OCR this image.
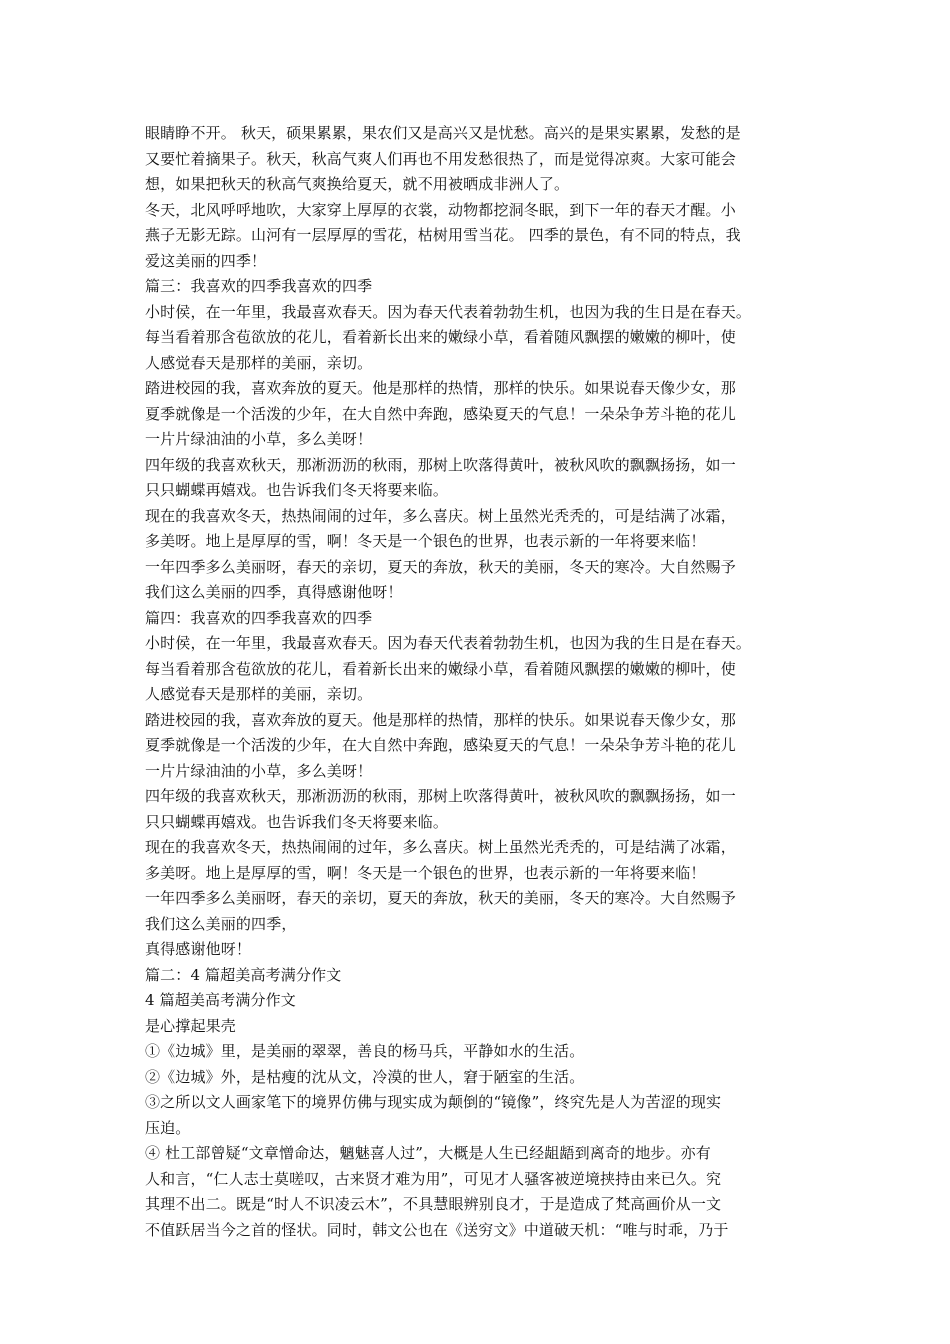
眼睛睁不开。 秋天，硕果累累，果农们又是高兴又是忧愁。高兴的是果实累累，发愁的是
又要忙着摘果子。秋天，秋高气爽人们再也不用发愁很热了，而是觉得凉爽。大家可能会
想，如果把秋天的秋高气爽换给夏天，就不用被晒成非洲人了。
冬天，北风呼呼地吹，大家穿上厚厚的衣裳，动物都挖洞冬眠，到下一年的春天才醒。小
燕子无影无踪。山河有一层厚厚的雪花，枯树用雪当花。 四季的景色，有不同的特点，我
爱这美丽的四季！
篇三：我喜欢的四季我喜欢的四季
小时侯，在一年里，我最喜欢春天。因为春天代表着勃勃生机，也因为我的生日是在春天。
每当看着那含苞欲放的花儿，看着新长出来的嫩绿小草，看着随风飘摆的嫩嫩的柳叶，使
人感觉春天是那样的美丽，亲切。
踏进校园的我，喜欢奔放的夏天。他是那样的热情，那样的快乐。如果说春天像少女，那
夏季就像是一个活泼的少年，在大自然中奔跑，感染夏天的气息！一朵朵争芳斗艳的花儿
一片片绿油油的小草，多么美呀！
四年级的我喜欢秋天，那淅沥沥的秋雨，那树上吹落得黄叶，被秋风吹的飘飘扬扬，如一
只只蝴蝶再嬉戏。也告诉我们冬天将要来临。
现在的我喜欢冬天，热热闹闹的过年，多么喜庆。树上虽然光秃秃的，可是结满了冰霜，
多美呀。地上是厚厚的雪，啊！冬天是一个银色的世界，也表示新的一年将要来临！
一年四季多么美丽呀，春天的亲切，夏天的奔放，秋天的美丽，冬天的寒冷。大自然赐予
我们这么美丽的四季，真得感谢他呀！
篇四：我喜欢的四季我喜欢的四季
小时侯，在一年里，我最喜欢春天。因为春天代表着勃勃生机，也因为我的生日是在春天。
每当看着那含苞欲放的花儿，看着新长出来的嫩绿小草，看着随风飘摆的嫩嫩的柳叶，使
人感觉春天是那样的美丽，亲切。
踏进校园的我，喜欢奔放的夏天。他是那样的热情，那样的快乐。如果说春天像少女，那
夏季就像是一个活泼的少年，在大自然中奔跑，感染夏天的气息！一朵朵争芳斗艳的花儿
一片片绿油油的小草，多么美呀！
四年级的我喜欢秋天，那淅沥沥的秋雨，那树上吹落得黄叶，被秋风吹的飘飘扬扬，如一
只只蝴蝶再嬉戏。也告诉我们冬天将要来临。
现在的我喜欢冬天，热热闹闹的过年，多么喜庆。树上虽然光秃秃的，可是结满了冰霜，
多美呀。地上是厚厚的雪，啊！冬天是一个银色的世界，也表示新的一年将要来临！
一年四季多么美丽呀，春天的亲切，夏天的奔放，秋天的美丽，冬天的寒冷。大自然赐予
我们这么美丽的四季，
真得感谢他呀！
篇二：4 篇超美高考满分作文
4 篇超美高考满分作文
是心撑起果壳
①《边城》里，是美丽的翠翠，善良的杨马兵，平静如水的生活。
②《边城》外，是枯瘦的沈从文，冷漠的世人，窘于陋室的生活。
③之所以文人画家笔下的境界仿佛与现实成为颠倒的“镜像”，终究先是人为苦涩的现实
压迫。
④ 杜工部曾疑“文章憎命达，魑魅喜人过”，大概是人生已经龃龉到离奇的地步。亦有
人和言，“仁人志士莫嗟叹，古来贤才难为用”，可见才人骚客被逆境挟持由来已久。究
其理不出二。既是“时人不识凌云木”，不具慧眼辨别良才，于是造成了梵高画价从一文
不值跃居当今之首的怪状。同时，韩文公也在《送穷文》中道破天机：“唯与时乖，乃于
